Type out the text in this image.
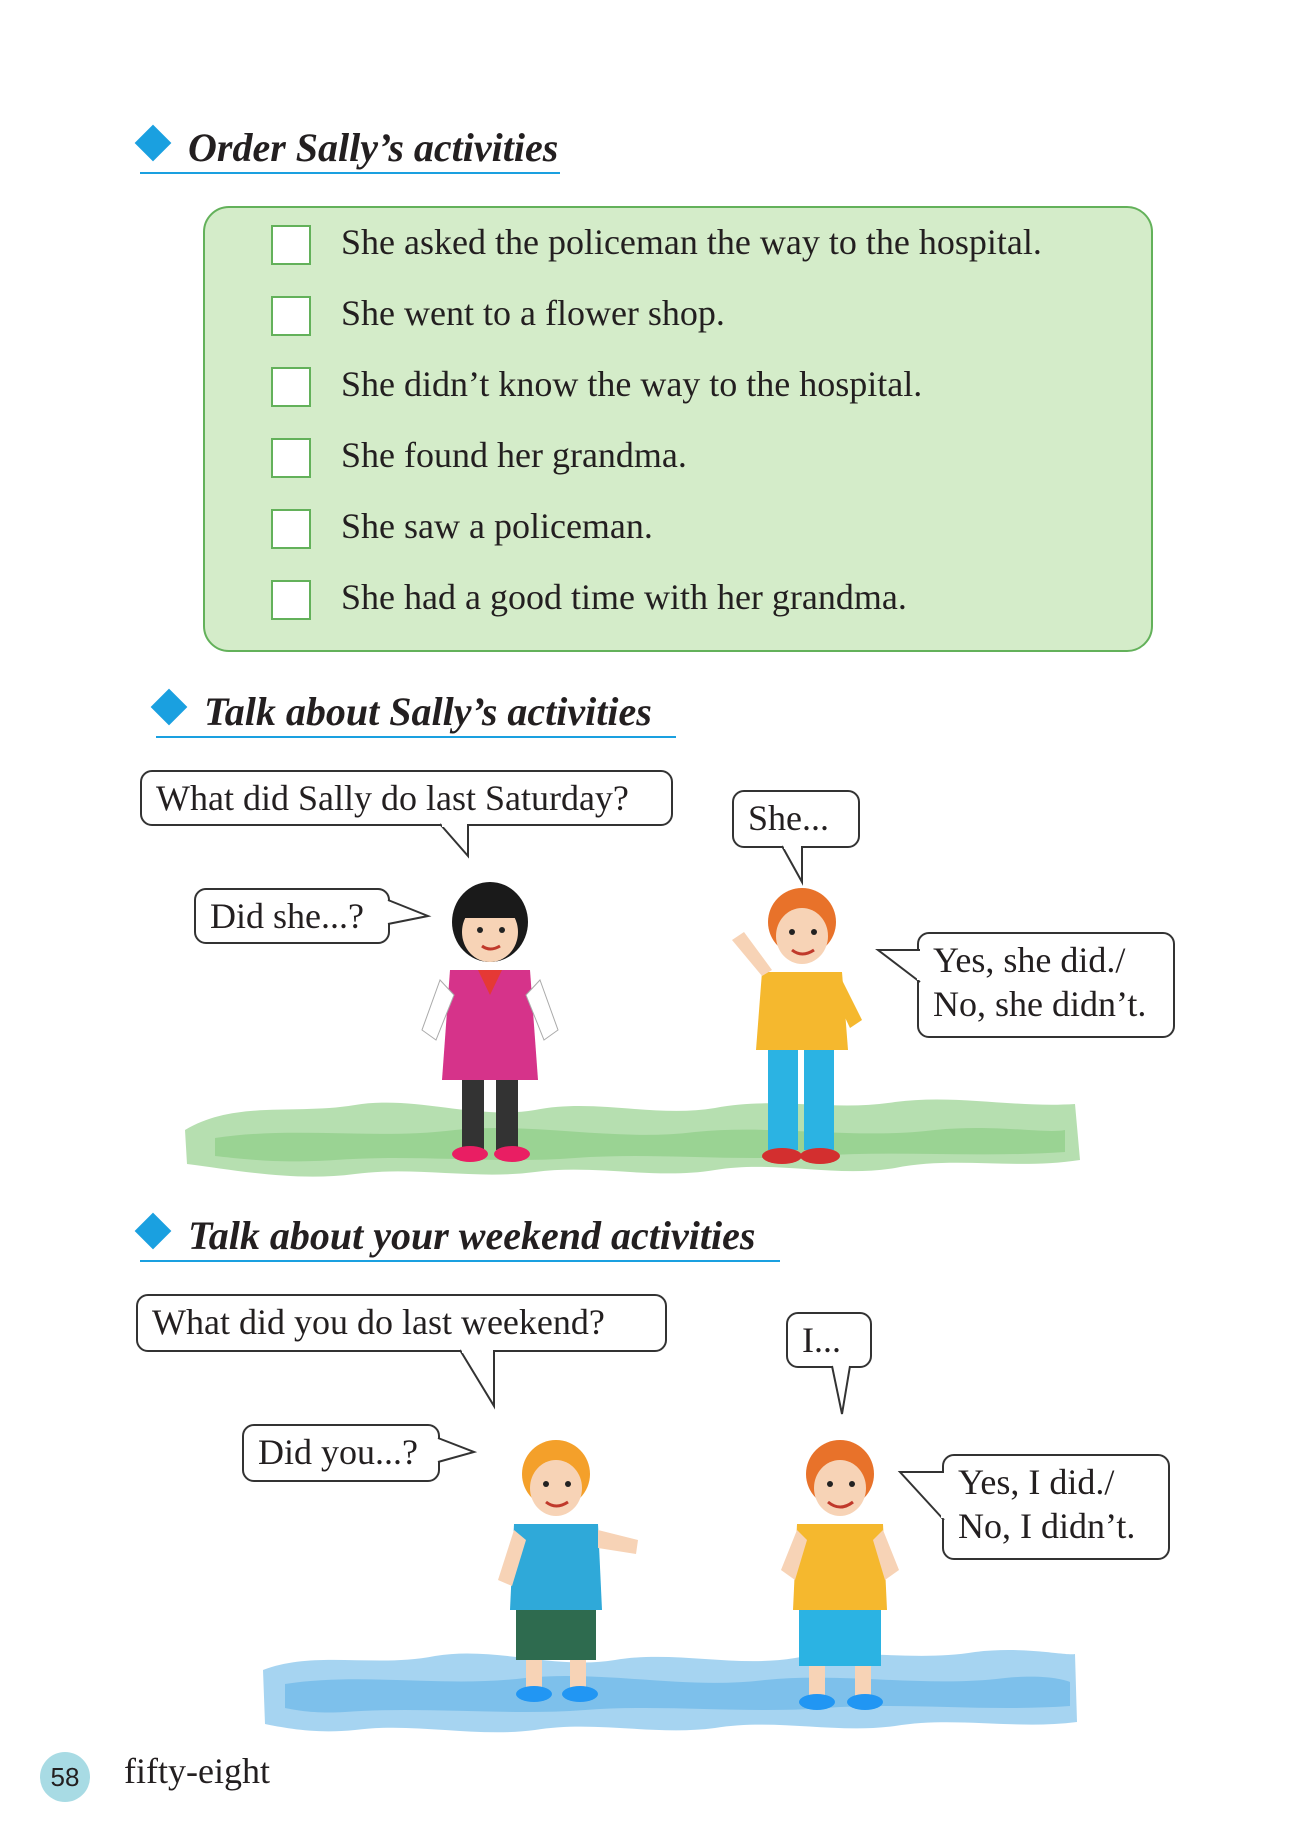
Order Sally’s activities
She asked the policeman the way to the hospital.
She went to a flower shop.
She didn’t know the way to the hospital.
She found her grandma.
She saw a policeman.
She had a good time with her grandma.
Talk about Sally’s activities
What did Sally do last Saturday?	She...
Did she...?
Yes, she did./
No, she didn’t.
Talk about your weekend activities
What did you do last weekend?	I...
Did you...?
Yes, I did./
No, I didn’t.
58 fifty-eight
